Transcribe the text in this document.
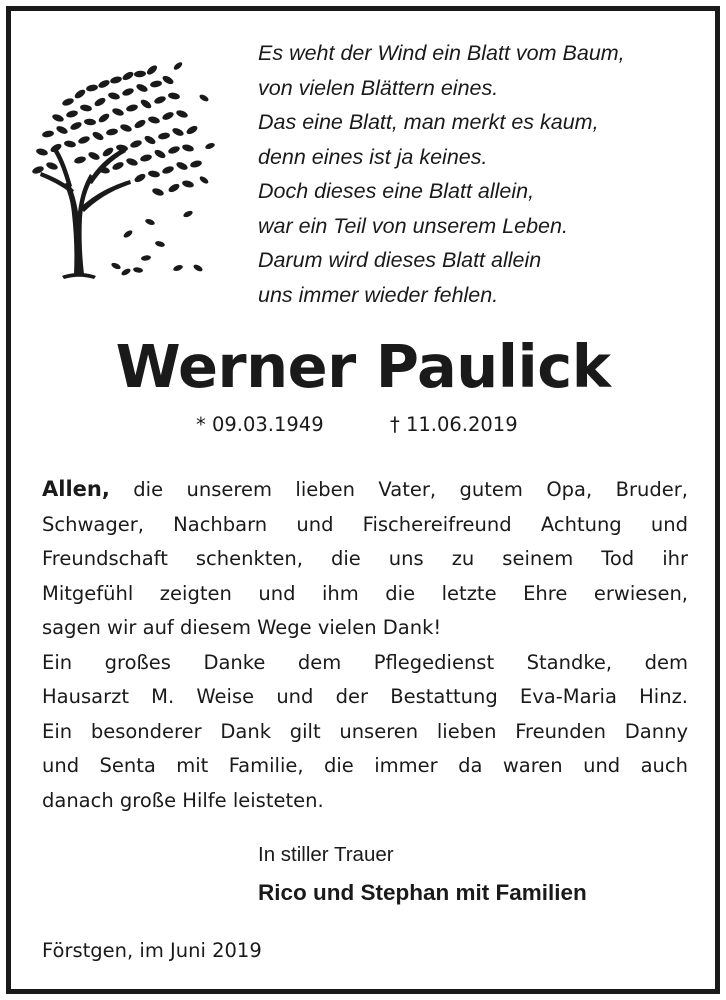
Es weht der Wind ein Blatt vom Baum,
von vielen Blättern eines.
Das eine Blatt, man merkt es kaum,
denn eines ist ja keines.
Doch dieses eine Blatt allein,
war ein Teil von unserem Leben.
Darum wird dieses Blatt allein
uns immer wieder fehlen.
Werner Paulick
* 09.03.1949	† 11.06.2019
Allen, die unserem lieben Vater, gutem Opa, Bruder,
Schwager, Nachbarn und Fischereifreund Achtung und
Freundschaft schenkten, die uns zu seinem Tod ihr
Mitgefühl zeigten und ihm die letzte Ehre erwiesen,
sagen wir auf diesem Wege vielen Dank!
Ein großes Danke dem Pflegedienst Standke, dem
Hausarzt M. Weise und der Bestattung Eva-Maria Hinz.
Ein besonderer Dank gilt unseren lieben Freunden Danny
und Senta mit Familie, die immer da waren und auch
danach große Hilfe leisteten.
In stiller Trauer
Rico und Stephan mit Familien
Förstgen, im Juni 2019
